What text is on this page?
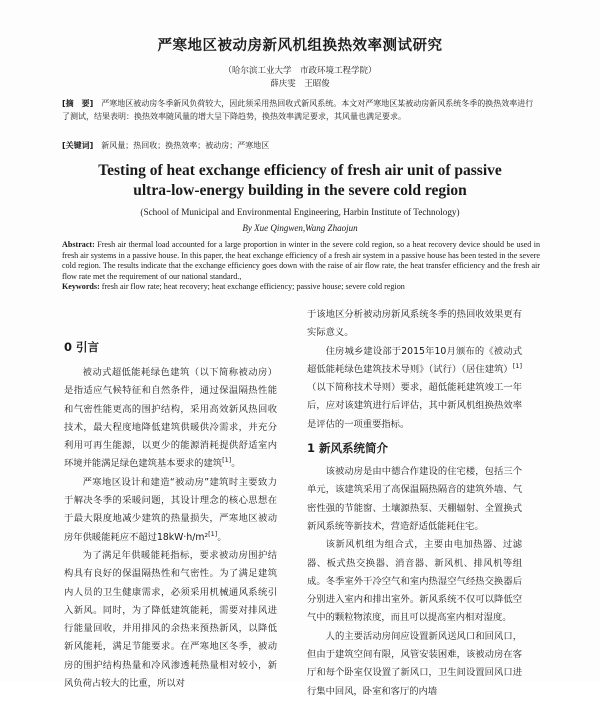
严寒地区被动房新风机组换热效率测试研究
（哈尔滨工业大学　市政环境工程学院）
薛庆雯　王昭俊
[摘　要] 严寒地区被动房冬季新风负荷较大，因此须采用热回收式新风系统。本文对严寒地区某被动房新风系统冬季的换热效率进行了测试，结果表明：换热效率随风量的增大呈下降趋势，换热效率满足要求，其风量也满足要求。
[关键词] 新风量；热回收；换热效率；被动房；严寒地区
Testing of heat exchange efficiency of fresh air unit of passive
ultra-low-energy building in the severe cold region
(School of Municipal and Environmental Engineering, Harbin Institute of Technology)
By Xue Qingwen,Wang Zhaojun
Abstract: Fresh air thermal load accounted for a large proportion in winter in the severe cold region, so a heat recovery device should be used in fresh air systems in a passive house. In this paper, the heat exchange efficiency of a fresh air system in a passive house has been tested in the severe cold region. The results indicate that the exchange efficiency goes down with the raise of air flow rate, the heat transfer efficiency and the fresh air flow rate met the requirement of our national standard.,
Keywords: fresh air flow rate; heat recovery; heat exchange efficiency; passive house; severe cold region
0 引言

被动式超低能耗绿色建筑（以下简称被动房）是指适应气候特征和自然条件，通过保温隔热性能和气密性能更高的围护结构，采用高效新风热回收技术，最大程度地降低建筑供暖供冷需求，并充分利用可再生能源，以更少的能源消耗提供舒适室内环境并能满足绿色建筑基本要求的建筑[1]。

严寒地区设计和建造“被动房”建筑时主要致力于解决冬季的采暖问题，其设计理念的核心思想在于最大限度地减少建筑的热量损失，严寒地区被动房年供暖能耗应不超过18kW·h/m²[1]。

为了满足年供暖能耗指标，要求被动房围护结构具有良好的保温隔热性和气密性。为了满足建筑内人员的卫生健康需求，必须采用机械通风系统引入新风。同时，为了降低建筑能耗，需要对排风进行能量回收，并用排风的余热来预热新风，以降低新风能耗，满足节能要求。在严寒地区冬季，被动房的围护结构热量和冷风渗透耗热量相对较小，新风负荷占较大的比重，所以对

于该地区分析被动房新风系统冬季的热回收效果更有实际意义。

住房城乡建设部于2015年10月颁布的《被动式超低能耗绿色建筑技术导则》（试行）（居住建筑）[1]（以下简称技术导则）要求，超低能耗建筑竣工一年后，应对该建筑进行后评估，其中新风机组换热效率是评估的一项重要指标。

1 新风系统简介

该被动房是由中德合作建设的住宅楼，包括三个单元，该建筑采用了高保温隔热隔音的建筑外墙、气密性强的节能窗、土壤源热泵、天棚辐射、全置换式新风系统等新技术，营造舒适低能耗住宅。

该新风机组为组合式，主要由电加热器、过滤器、板式热交换器、消音器、新风机、排风机等组成。冬季室外干冷空气和室内热湿空气经热交换器后分别进入室内和排出室外。新风系统不仅可以降低空气中的颗粒物浓度，而且可以提高室内相对湿度。

人的主要活动房间应设置新风送风口和回风口，但由于建筑空间有限，风管安装困难，该被动房在客厅和每个卧室仅设置了新风口，卫生间设置回风口进行集中回风，卧室和客厅的内墙
